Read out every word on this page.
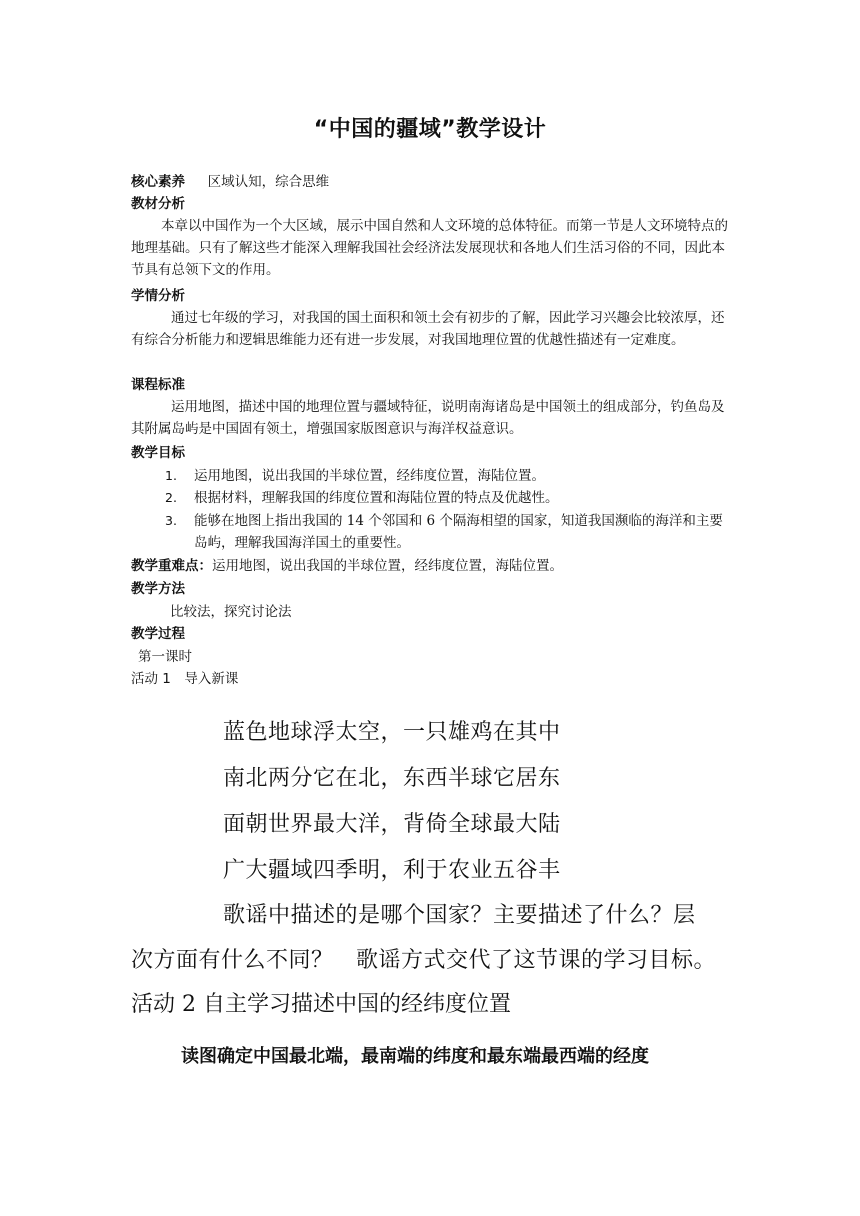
“中国的疆域”教学设计
核心素养 区域认知，综合思维
教材分析

本章以中国作为一个大区域，展示中国自然和人文环境的总体特征。而第一节是人文环境特点的地理基础。只有了解这些才能深入理解我国社会经济法发展现状和各地人们生活习俗的不同，因此本节具有总领下文的作用。

学情分析

通过七年级的学习，对我国的国土面积和领土会有初步的了解，因此学习兴趣会比较浓厚，还有综合分析能力和逻辑思维能力还有进一步发展，对我国地理位置的优越性描述有一定难度。

课程标准

运用地图，描述中国的地理位置与疆域特征，说明南海诸岛是中国领土的组成部分，钓鱼岛及其附属岛屿是中国固有领土，增强国家版图意识与海洋权益意识。

教学目标
1.	运用地图，说出我国的半球位置，经纬度位置，海陆位置。
2.	根据材料，理解我国的纬度位置和海陆位置的特点及优越性。
3.	能够在地图上指出我国的 14 个邻国和 6 个隔海相望的国家，知道我国濒临的海洋和主要岛屿，理解我国海洋国土的重要性。
教学重难点：运用地图，说出我国的半球位置，经纬度位置，海陆位置。
教学方法
比较法，探究讨论法
教学过程
第一课时
活动 1　导入新课
蓝色地球浮太空，一只雄鸡在其中
南北两分它在北，东西半球它居东
面朝世界最大洋，背倚全球最大陆
广大疆域四季明，利于农业五谷丰
歌谣中描述的是哪个国家？主要描述了什么？层
次方面有什么不同？　歌谣方式交代了这节课的学习目标。
活动 2 自主学习描述中国的经纬度位置
读图确定中国最北端，最南端的纬度和最东端最西端的经度
